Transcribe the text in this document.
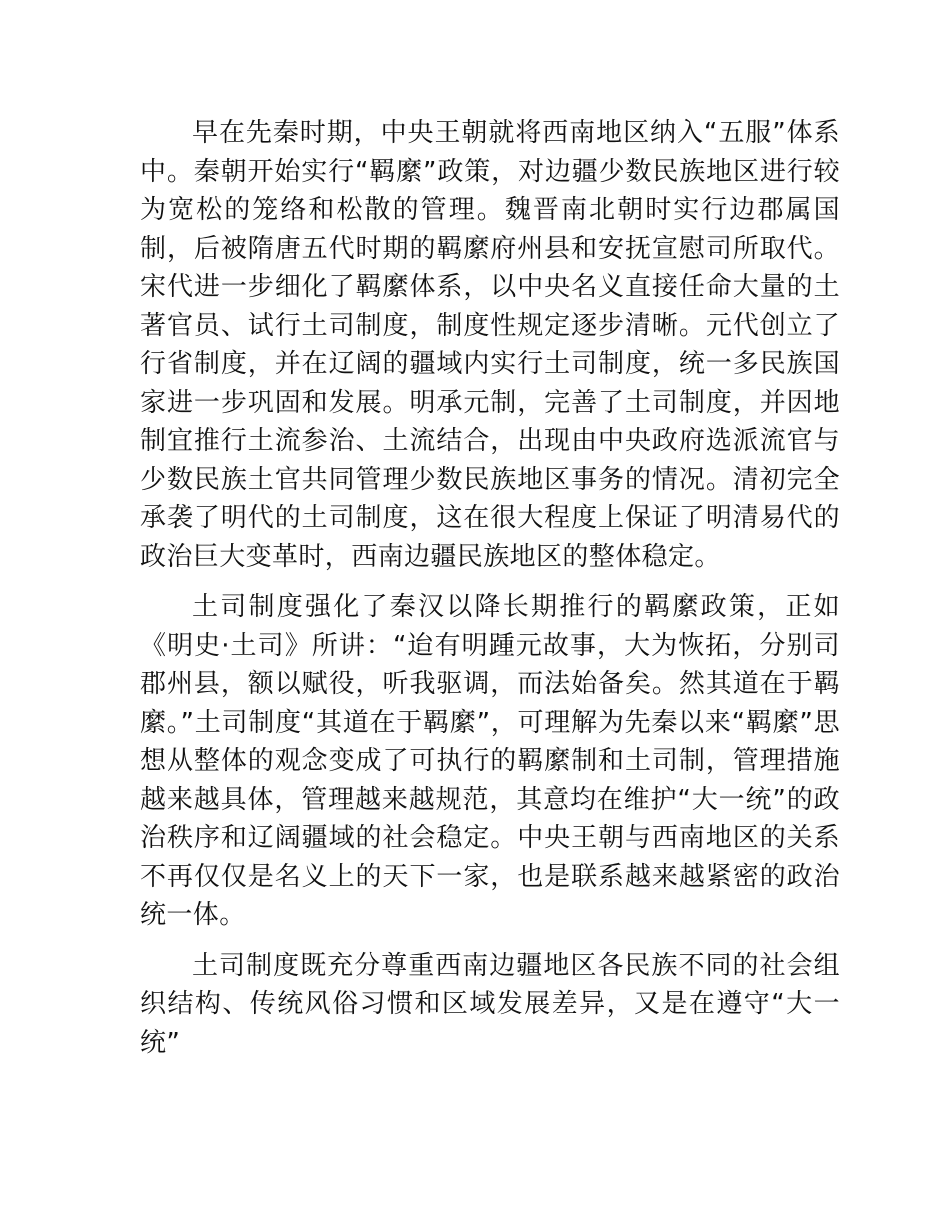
早在先秦时期，中央王朝就将西南地区纳入“五服”体系中。秦朝开始实行“羁縻”政策，对边疆少数民族地区进行较为宽松的笼络和松散的管理。魏晋南北朝时实行边郡属国制，后被隋唐五代时期的羁縻府州县和安抚宣慰司所取代。宋代进一步细化了羁縻体系，以中央名义直接任命大量的土著官员、试行土司制度，制度性规定逐步清晰。元代创立了行省制度，并在辽阔的疆域内实行土司制度，统一多民族国家进一步巩固和发展。明承元制，完善了土司制度，并因地制宜推行土流参治、土流结合，出现由中央政府选派流官与少数民族土官共同管理少数民族地区事务的情况。清初完全承袭了明代的土司制度，这在很大程度上保证了明清易代的政治巨大变革时，西南边疆民族地区的整体稳定。

土司制度强化了秦汉以降长期推行的羁縻政策，正如《明史·土司》所讲：“迨有明踵元故事，大为恢拓，分别司郡州县，额以赋役，听我驱调，而法始备矣。然其道在于羁縻。”土司制度“其道在于羁縻”，可理解为先秦以来“羁縻”思想从整体的观念变成了可执行的羁縻制和土司制，管理措施越来越具体，管理越来越规范，其意均在维护“大一统”的政治秩序和辽阔疆域的社会稳定。中央王朝与西南地区的关系不再仅仅是名义上的天下一家，也是联系越来越紧密的政治统一体。

土司制度既充分尊重西南边疆地区各民族不同的社会组织结构、传统风俗习惯和区域发展差异，又是在遵守“大一统”
